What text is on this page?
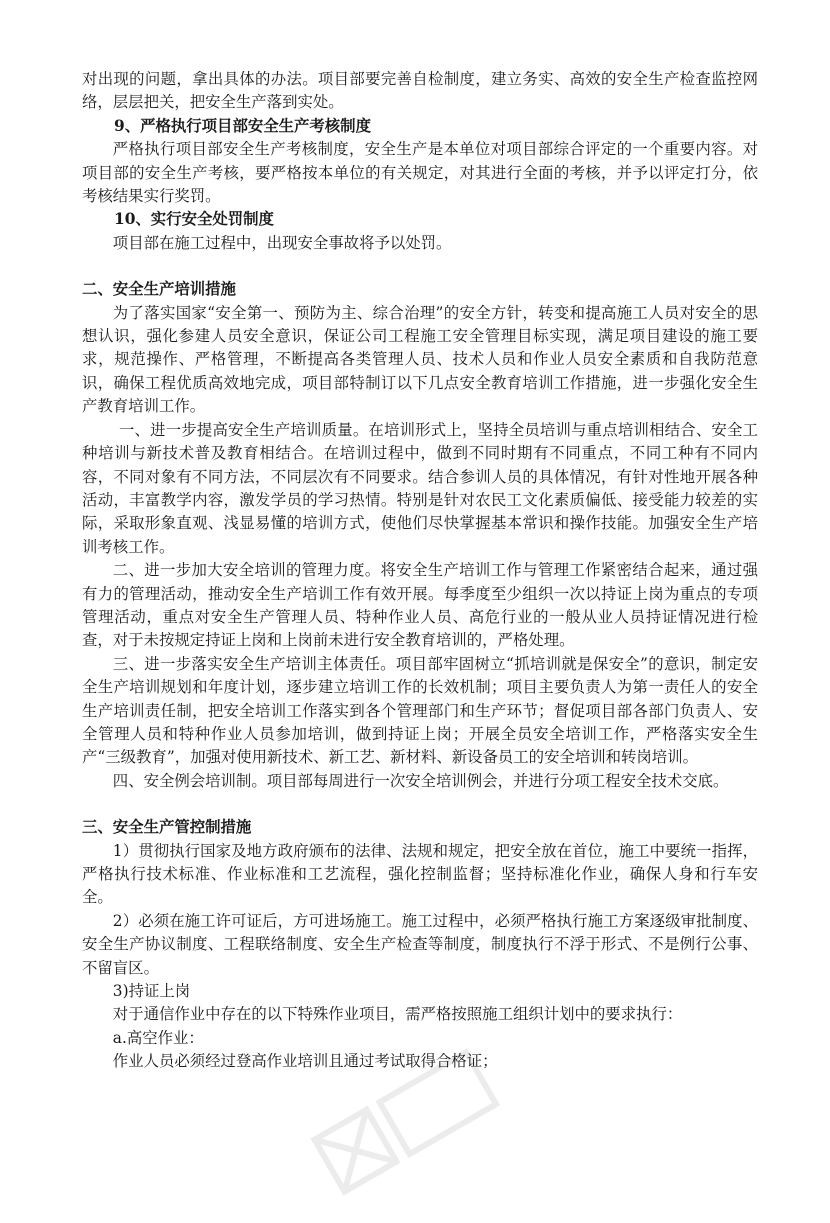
对出现的问题，拿出具体的办法。项目部要完善自检制度，建立务实、高效的安全生产检查监控网络，层层把关，把安全生产落到实处。

9、严格执行项目部安全生产考核制度

严格执行项目部安全生产考核制度，安全生产是本单位对项目部综合评定的一个重要内容。对项目部的安全生产考核，要严格按本单位的有关规定，对其进行全面的考核，并予以评定打分，依考核结果实行奖罚。

10、实行安全处罚制度

项目部在施工过程中，出现安全事故将予以处罚。

二、安全生产培训措施

为了落实国家“安全第一、预防为主、综合治理”的安全方针，转变和提高施工人员对安全的思想认识，强化参建人员安全意识，保证公司工程施工安全管理目标实现，满足项目建设的施工要求，规范操作、严格管理，不断提高各类管理人员、技术人员和作业人员安全素质和自我防范意识，确保工程优质高效地完成，项目部特制订以下几点安全教育培训工作措施，进一步强化安全生产教育培训工作。

一、进一步提高安全生产培训质量。在培训形式上，坚持全员培训与重点培训相结合、安全工种培训与新技术普及教育相结合。在培训过程中，做到不同时期有不同重点，不同工种有不同内容，不同对象有不同方法，不同层次有不同要求。结合参训人员的具体情况，有针对性地开展各种活动，丰富教学内容，激发学员的学习热情。特别是针对农民工文化素质偏低、接受能力较差的实际，采取形象直观、浅显易懂的培训方式，使他们尽快掌握基本常识和操作技能。加强安全生产培训考核工作。

二、进一步加大安全培训的管理力度。将安全生产培训工作与管理工作紧密结合起来，通过强有力的管理活动，推动安全生产培训工作有效开展。每季度至少组织一次以持证上岗为重点的专项管理活动，重点对安全生产管理人员、特种作业人员、高危行业的一般从业人员持证情况进行检查，对于未按规定持证上岗和上岗前未进行安全教育培训的，严格处理。

三、进一步落实安全生产培训主体责任。项目部牢固树立“抓培训就是保安全”的意识，制定安全生产培训规划和年度计划，逐步建立培训工作的长效机制；项目主要负责人为第一责任人的安全生产培训责任制，把安全培训工作落实到各个管理部门和生产环节；督促项目部各部门负责人、安全管理人员和特种作业人员参加培训，做到持证上岗；开展全员安全培训工作，严格落实安全生产“三级教育”，加强对使用新技术、新工艺、新材料、新设备员工的安全培训和转岗培训。

四、安全例会培训制。项目部每周进行一次安全培训例会，并进行分项工程安全技术交底。

三、安全生产管控制措施

1）贯彻执行国家及地方政府颁布的法律、法规和规定，把安全放在首位，施工中要统一指挥，严格执行技术标准、作业标准和工艺流程，强化控制监督；坚持标准化作业，确保人身和行车安全。

2）必须在施工许可证后，方可进场施工。施工过程中，必须严格执行施工方案逐级审批制度、安全生产协议制度、工程联络制度、安全生产检查等制度，制度执行不浮于形式、不是例行公事、不留盲区。

3)持证上岗

对于通信作业中存在的以下特殊作业项目，需严格按照施工组织计划中的要求执行：

a.高空作业：

作业人员必须经过登高作业培训且通过考试取得合格证；
